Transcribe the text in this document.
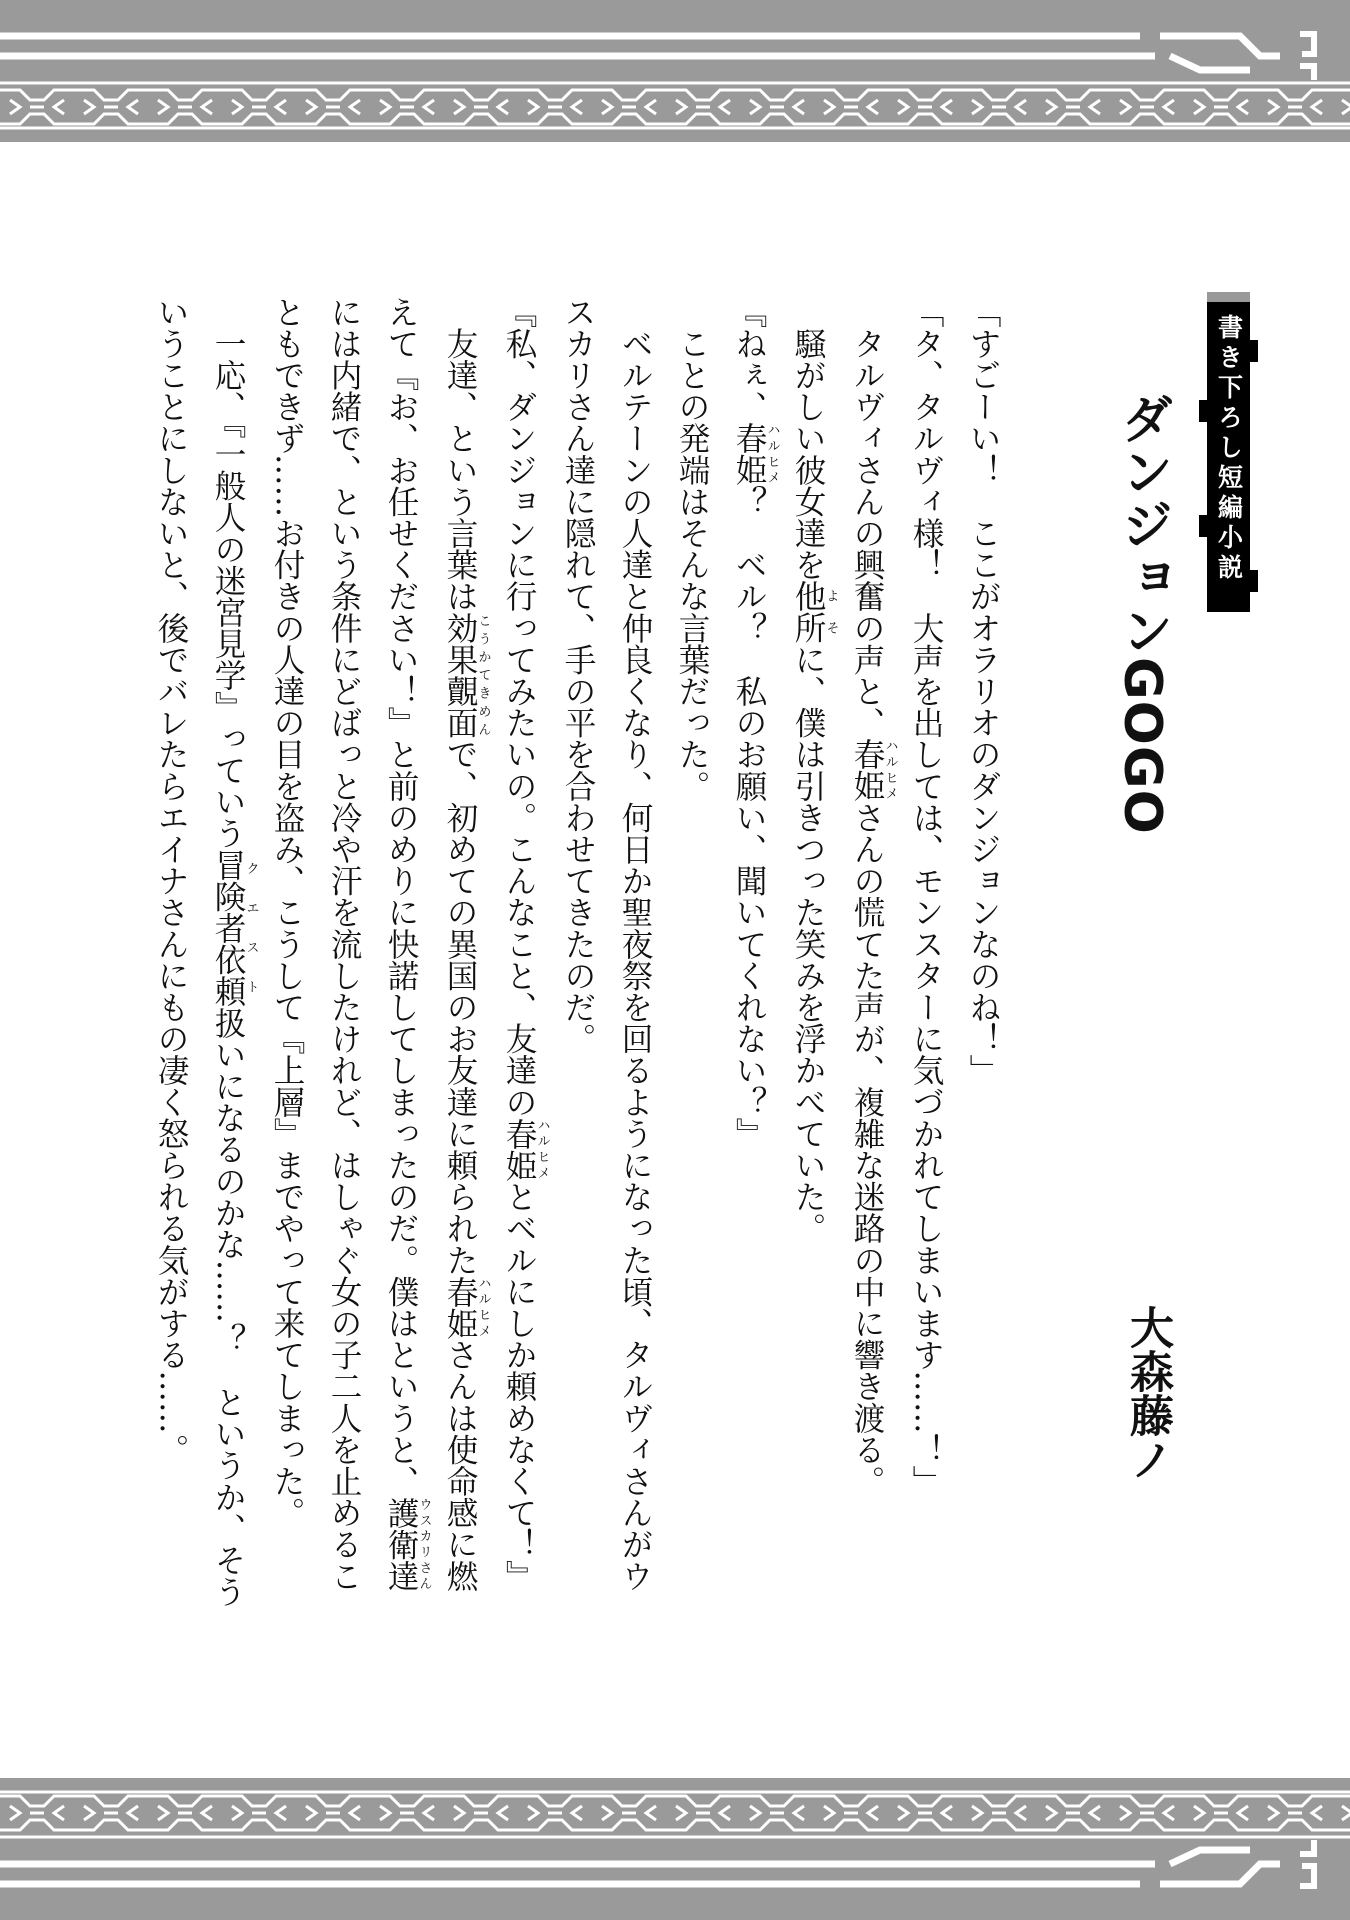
書き下ろし短編小説
ダンジョンGOGO
大森藤ノ
「すごーい！　ここがオラリオのダンジョンなのね！」
「タ、タルヴィ様！　大声を出しては、モンスターに気づかれてしまいます……！」
　タルヴィさんの興奮の声と、春姫ハルヒメさんの慌てた声が、複雑な迷路の中に響き渡る。
　騒がしい彼女達を他所よそに、僕は引きつった笑みを浮かべていた。
『ねぇ、春姫ハルヒメ？　ベル？　私のお願い、聞いてくれない？』
　ことの発端はそんな言葉だった。
　ベルテーンの人達と仲良くなり、何日か聖夜祭を回るようになった頃、タルヴィさんがウ
スカリさん達に隠れて、手の平を合わせてきたのだ。
『私、ダンジョンに行ってみたいの。こんなこと、友達の春姫ハルヒメとベルにしか頼めなくて！』
　友達、という言葉は効果覿面こうかてきめんで、初めての異国のお友達に頼られた春姫ハルヒメさんは使命感に燃
えて『お、お任せください！』と前のめりに快諾してしまったのだ。僕はというと、護衛達ウスカリさん
には内緒で、という条件にどばっと冷や汗を流したけれど、はしゃぐ女の子二人を止めるこ
ともできず……お付きの人達の目を盗み、こうして『上層』までやって来てしまった。
　一応、『一般人の迷宮見学』っていう冒険者依頼クエスト扱いになるのかな……？　というか、そう
いうことにしないと、後でバレたらエイナさんにもの凄く怒られる気がする……。
